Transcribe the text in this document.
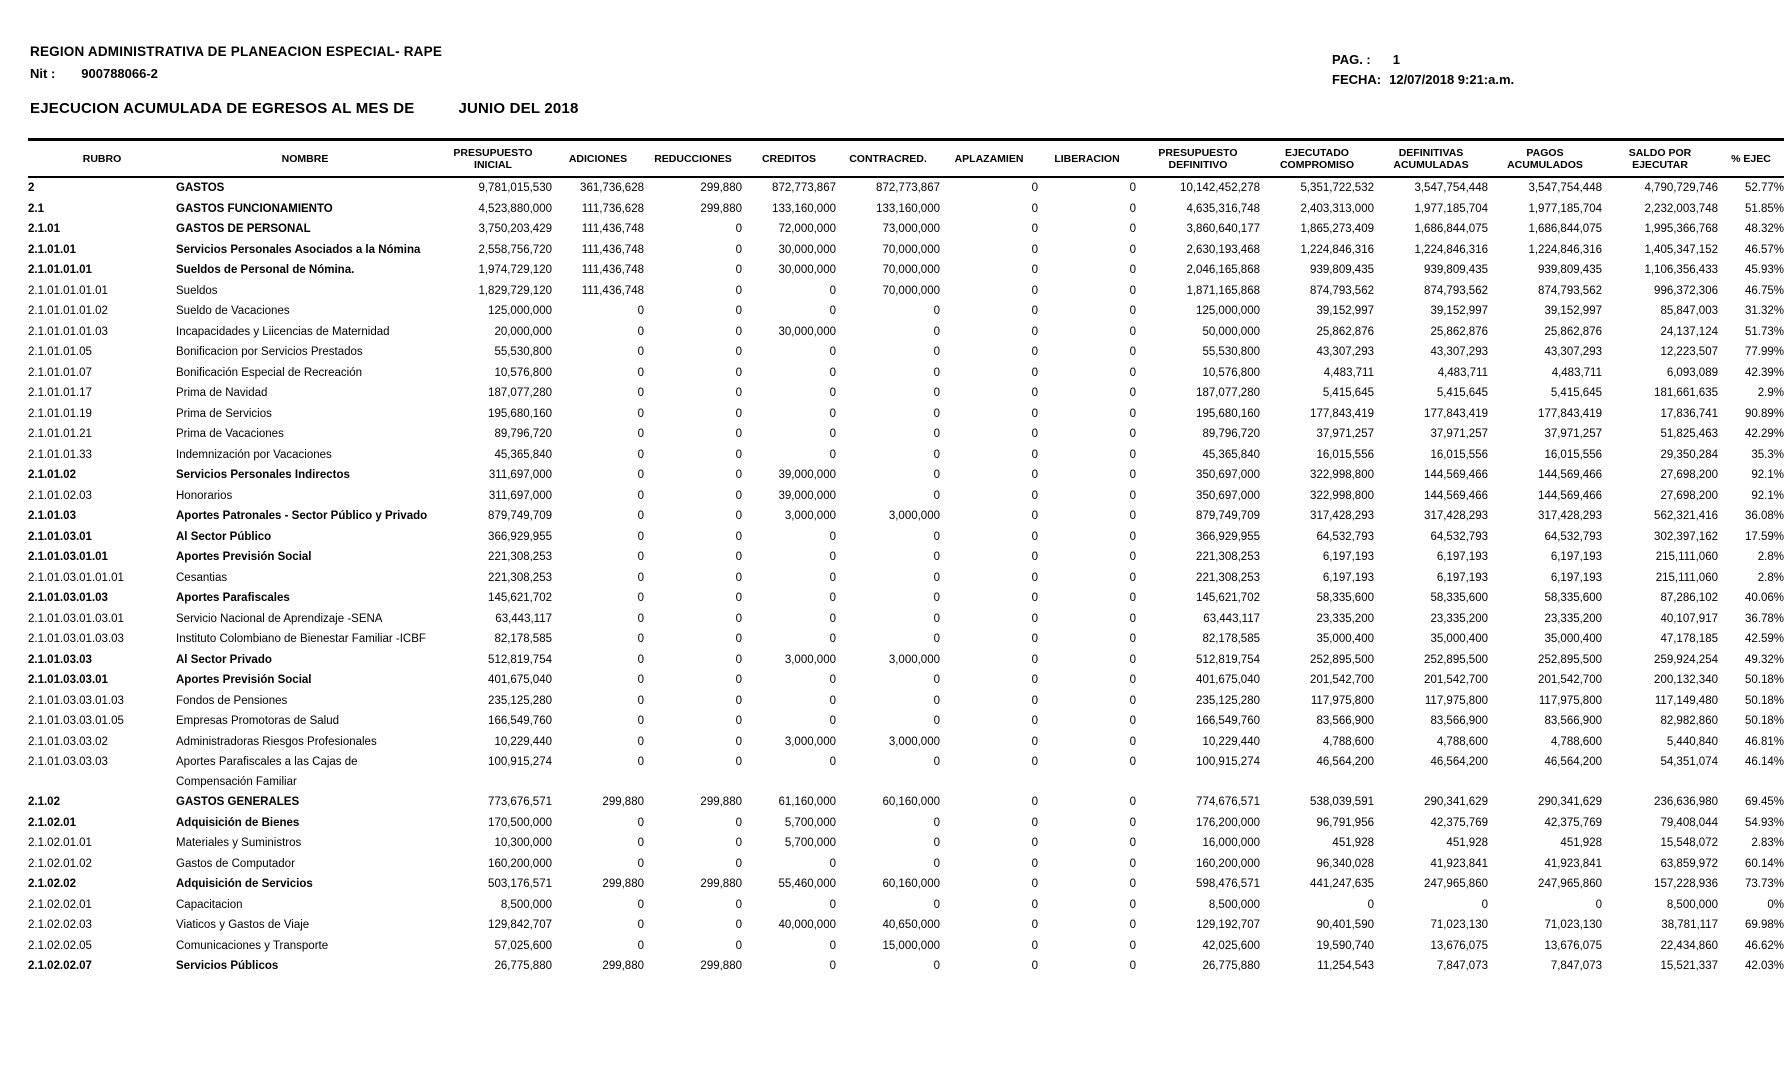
REGION ADMINISTRATIVA DE PLANEACION ESPECIAL- RAPE
Nit : 900788066-2
PAG. : 1
FECHA: 12/07/2018 9:21:a.m.
EJECUCION ACUMULADA DE EGRESOS AL MES DE	JUNIO DEL 2018
RUBRO	NOMBRE	PRESUPUESTO INICIAL	ADICIONES	REDUCCIONES	CREDITOS	CONTRACRED.	APLAZAMIEN	LIBERACION	PRESUPUESTO DEFINITIVO	EJECUTADO COMPROMISO	DEFINITIVAS ACUMULADAS	PAGOS ACUMULADOS	SALDO POR EJECUTAR	% EJEC
2	GASTOS	9,781,015,530	361,736,628	299,880	872,773,867	872,773,867	0	0	10,142,452,278	5,351,722,532	3,547,754,448	3,547,754,448	4,790,729,746	52.77%
2.1	GASTOS FUNCIONAMIENTO	4,523,880,000	111,736,628	299,880	133,160,000	133,160,000	0	0	4,635,316,748	2,403,313,000	1,977,185,704	1,977,185,704	2,232,003,748	51.85%
2.1.01	GASTOS DE PERSONAL	3,750,203,429	111,436,748	0	72,000,000	73,000,000	0	0	3,860,640,177	1,865,273,409	1,686,844,075	1,686,844,075	1,995,366,768	48.32%
2.1.01.01	Servicios Personales Asociados a la Nómina	2,558,756,720	111,436,748	0	30,000,000	70,000,000	0	0	2,630,193,468	1,224,846,316	1,224,846,316	1,224,846,316	1,405,347,152	46.57%
2.1.01.01.01	Sueldos de Personal de Nómina.	1,974,729,120	111,436,748	0	30,000,000	70,000,000	0	0	2,046,165,868	939,809,435	939,809,435	939,809,435	1,106,356,433	45.93%
2.1.01.01.01.01	Sueldos	1,829,729,120	111,436,748	0	0	70,000,000	0	0	1,871,165,868	874,793,562	874,793,562	874,793,562	996,372,306	46.75%
2.1.01.01.01.02	Sueldo de Vacaciones	125,000,000	0	0	0	0	0	0	125,000,000	39,152,997	39,152,997	39,152,997	85,847,003	31.32%
2.1.01.01.01.03	Incapacidades y Liicencias de Maternidad	20,000,000	0	0	30,000,000	0	0	0	50,000,000	25,862,876	25,862,876	25,862,876	24,137,124	51.73%
2.1.01.01.05	Bonificacion por Servicios Prestados	55,530,800	0	0	0	0	0	0	55,530,800	43,307,293	43,307,293	43,307,293	12,223,507	77.99%
2.1.01.01.07	Bonificación Especial de Recreación	10,576,800	0	0	0	0	0	0	10,576,800	4,483,711	4,483,711	4,483,711	6,093,089	42.39%
2.1.01.01.17	Prima de Navidad	187,077,280	0	0	0	0	0	0	187,077,280	5,415,645	5,415,645	5,415,645	181,661,635	2.9%
2.1.01.01.19	Prima de Servicios	195,680,160	0	0	0	0	0	0	195,680,160	177,843,419	177,843,419	177,843,419	17,836,741	90.89%
2.1.01.01.21	Prima de Vacaciones	89,796,720	0	0	0	0	0	0	89,796,720	37,971,257	37,971,257	37,971,257	51,825,463	42.29%
2.1.01.01.33	Indemnización por Vacaciones	45,365,840	0	0	0	0	0	0	45,365,840	16,015,556	16,015,556	16,015,556	29,350,284	35.3%
2.1.01.02	Servicios Personales Indirectos	311,697,000	0	0	39,000,000	0	0	0	350,697,000	322,998,800	144,569,466	144,569,466	27,698,200	92.1%
2.1.01.02.03	Honorarios	311,697,000	0	0	39,000,000	0	0	0	350,697,000	322,998,800	144,569,466	144,569,466	27,698,200	92.1%
2.1.01.03	Aportes Patronales - Sector Público y Privado	879,749,709	0	0	3,000,000	3,000,000	0	0	879,749,709	317,428,293	317,428,293	317,428,293	562,321,416	36.08%
2.1.01.03.01	Al Sector Público	366,929,955	0	0	0	0	0	0	366,929,955	64,532,793	64,532,793	64,532,793	302,397,162	17.59%
2.1.01.03.01.01	Aportes Previsión Social	221,308,253	0	0	0	0	0	0	221,308,253	6,197,193	6,197,193	6,197,193	215,111,060	2.8%
2.1.01.03.01.01.01	Cesantias	221,308,253	0	0	0	0	0	0	221,308,253	6,197,193	6,197,193	6,197,193	215,111,060	2.8%
2.1.01.03.01.03	Aportes Parafiscales	145,621,702	0	0	0	0	0	0	145,621,702	58,335,600	58,335,600	58,335,600	87,286,102	40.06%
2.1.01.03.01.03.01	Servicio Nacional de Aprendizaje -SENA	63,443,117	0	0	0	0	0	0	63,443,117	23,335,200	23,335,200	23,335,200	40,107,917	36.78%
2.1.01.03.01.03.03	Instituto Colombiano de Bienestar Familiar -ICBF	82,178,585	0	0	0	0	0	0	82,178,585	35,000,400	35,000,400	35,000,400	47,178,185	42.59%
2.1.01.03.03	Al Sector Privado	512,819,754	0	0	3,000,000	3,000,000	0	0	512,819,754	252,895,500	252,895,500	252,895,500	259,924,254	49.32%
2.1.01.03.03.01	Aportes Previsión Social	401,675,040	0	0	0	0	0	0	401,675,040	201,542,700	201,542,700	201,542,700	200,132,340	50.18%
2.1.01.03.03.01.03	Fondos de Pensiones	235,125,280	0	0	0	0	0	0	235,125,280	117,975,800	117,975,800	117,975,800	117,149,480	50.18%
2.1.01.03.03.01.05	Empresas Promotoras de Salud	166,549,760	0	0	0	0	0	0	166,549,760	83,566,900	83,566,900	83,566,900	82,982,860	50.18%
2.1.01.03.03.02	Administradoras Riesgos Profesionales	10,229,440	0	0	3,000,000	3,000,000	0	0	10,229,440	4,788,600	4,788,600	4,788,600	5,440,840	46.81%
2.1.01.03.03.03	Aportes Parafiscales a las Cajas de Compensación Familiar	100,915,274	0	0	0	0	0	0	100,915,274	46,564,200	46,564,200	46,564,200	54,351,074	46.14%
2.1.02	GASTOS GENERALES	773,676,571	299,880	299,880	61,160,000	60,160,000	0	0	774,676,571	538,039,591	290,341,629	290,341,629	236,636,980	69.45%
2.1.02.01	Adquisición de Bienes	170,500,000	0	0	5,700,000	0	0	0	176,200,000	96,791,956	42,375,769	42,375,769	79,408,044	54.93%
2.1.02.01.01	Materiales y Suministros	10,300,000	0	0	5,700,000	0	0	0	16,000,000	451,928	451,928	451,928	15,548,072	2.83%
2.1.02.01.02	Gastos de Computador	160,200,000	0	0	0	0	0	0	160,200,000	96,340,028	41,923,841	41,923,841	63,859,972	60.14%
2.1.02.02	Adquisición de Servicios	503,176,571	299,880	299,880	55,460,000	60,160,000	0	0	598,476,571	441,247,635	247,965,860	247,965,860	157,228,936	73.73%
2.1.02.02.01	Capacitacion	8,500,000	0	0	0	0	0	0	8,500,000	0	0	0	8,500,000	0%
2.1.02.02.03	Viaticos y Gastos de Viaje	129,842,707	0	0	40,000,000	40,650,000	0	0	129,192,707	90,401,590	71,023,130	71,023,130	38,781,117	69.98%
2.1.02.02.05	Comunicaciones y Transporte	57,025,600	0	0	0	15,000,000	0	0	42,025,600	19,590,740	13,676,075	13,676,075	22,434,860	46.62%
2.1.02.02.07	Servicios Públicos	26,775,880	299,880	299,880	0	0	0	0	26,775,880	11,254,543	7,847,073	7,847,073	15,521,337	42.03%
